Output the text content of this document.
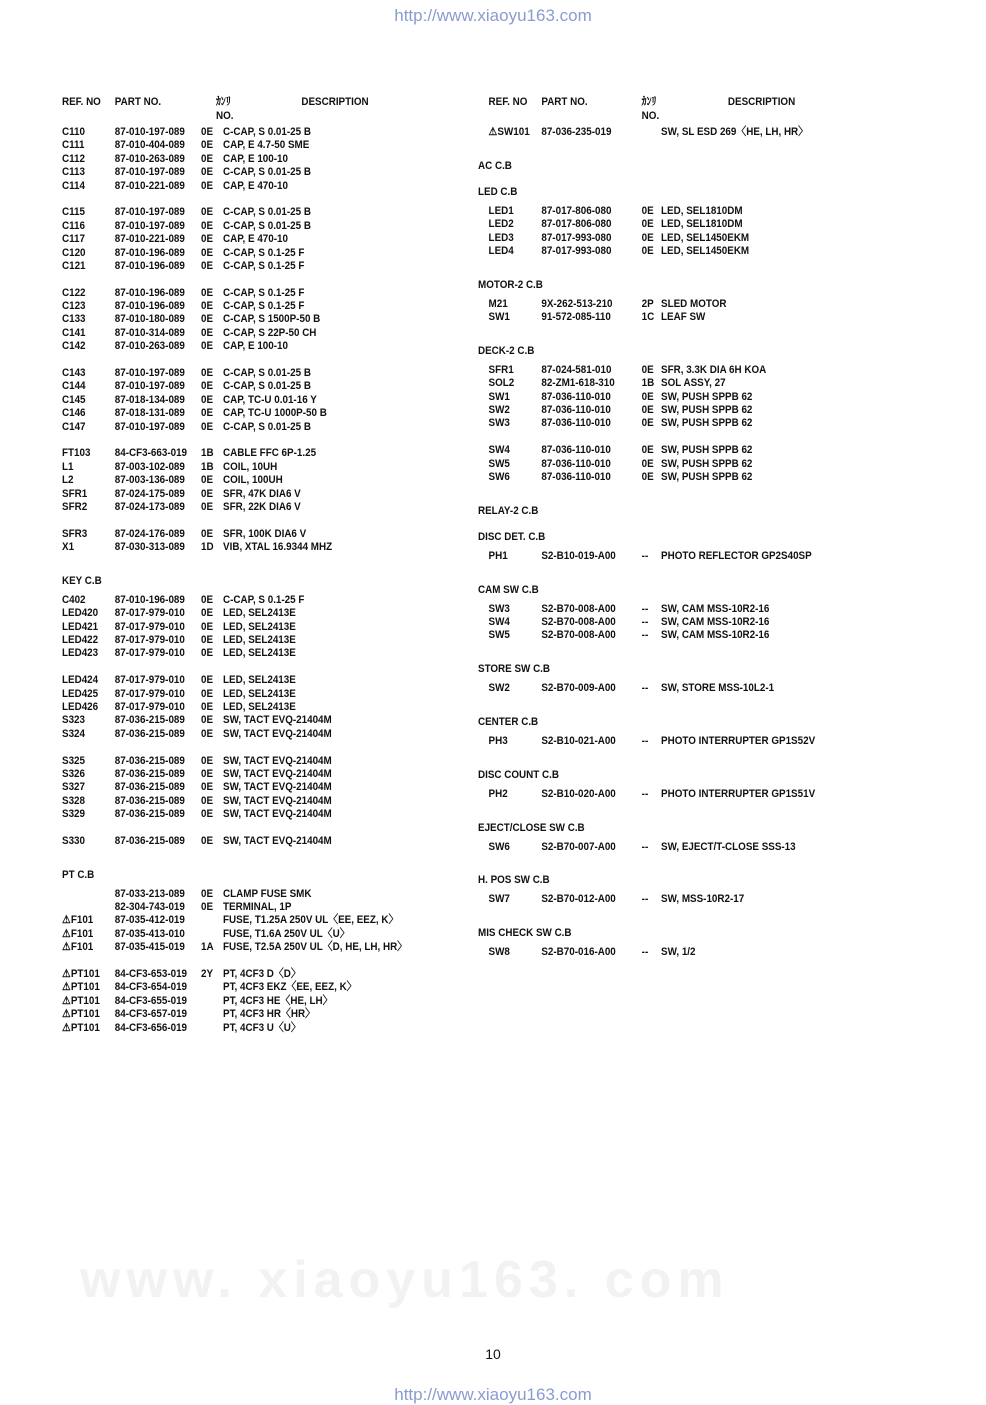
http://www.xiaoyu163.com
www. xiaoyu163. com
REF. NO PART NO.	ｶﾝﾘ
NO.
DESCRIPTION
C110	87-010-197-089 0E C-CAP, S 0.01-25 B
C111	87-010-404-089 0E CAP, E 4.7-50 SME
C112	87-010-263-089 0E CAP, E 100-10
C113	87-010-197-089 0E C-CAP, S 0.01-25 B
C114	87-010-221-089 0E CAP, E 470-10
C115	87-010-197-089 0E C-CAP, S 0.01-25 B
C116	87-010-197-089 0E C-CAP, S 0.01-25 B
C117	87-010-221-089 0E CAP, E 470-10
C120	87-010-196-089 0E C-CAP, S 0.1-25 F
C121	87-010-196-089 0E C-CAP, S 0.1-25 F
C122	87-010-196-089 0E C-CAP, S 0.1-25 F
C123	87-010-196-089 0E C-CAP, S 0.1-25 F
C133	87-010-180-089 0E C-CAP, S 1500P-50 B
C141	87-010-314-089 0E C-CAP, S 22P-50 CH
C142	87-010-263-089 0E CAP, E 100-10
C143	87-010-197-089 0E C-CAP, S 0.01-25 B
C144	87-010-197-089 0E C-CAP, S 0.01-25 B
C145	87-018-134-089 0E CAP, TC-U 0.01-16 Y
C146	87-018-131-089 0E CAP, TC-U 1000P-50 B
C147	87-010-197-089 0E C-CAP, S 0.01-25 B
FT103 84-CF3-663-019 1B CABLE FFC 6P-1.25
L1	87-003-102-089 1B COIL, 10UH
L2	87-003-136-089 0E COIL, 100UH
SFR1 87-024-175-089 0E SFR, 47K DIA6 V
SFR2 87-024-173-089 0E SFR, 22K DIA6 V
SFR3 87-024-176-089 0E SFR, 100K DIA6 V
X1	87-030-313-089 1D VIB, XTAL 16.9344 MHZ
KEY C.B
C402	87-010-196-089 0E C-CAP, S 0.1-25 F
LED420 87-017-979-010 0E LED, SEL2413E
LED421 87-017-979-010 0E LED, SEL2413E
LED422 87-017-979-010 0E LED, SEL2413E
LED423 87-017-979-010 0E LED, SEL2413E
LED424 87-017-979-010 0E LED, SEL2413E
LED425 87-017-979-010 0E LED, SEL2413E
LED426 87-017-979-010 0E LED, SEL2413E
S323	87-036-215-089 0E SW, TACT EVQ-21404M
S324	87-036-215-089 0E SW, TACT EVQ-21404M
S325	87-036-215-089 0E SW, TACT EVQ-21404M
S326	87-036-215-089 0E SW, TACT EVQ-21404M
S327	87-036-215-089 0E SW, TACT EVQ-21404M
S328	87-036-215-089 0E SW, TACT EVQ-21404M
S329	87-036-215-089 0E SW, TACT EVQ-21404M
S330	87-036-215-089 0E SW, TACT EVQ-21404M
PT C.B
87-033-213-089 0E CLAMP FUSE SMK
82-304-743-019 0E TERMINAL, 1P
⚠F101 87-035-412-019	FUSE, T1.25A 250V UL〈EE, EEZ, K〉
⚠F101 87-035-413-010	FUSE, T1.6A 250V UL〈U〉
⚠F101 87-035-415-019 1A FUSE, T2.5A 250V UL〈D, HE, LH, HR〉
⚠PT101 84-CF3-653-019 2Y PT, 4CF3 D〈D〉
⚠PT101 84-CF3-654-019	PT, 4CF3 EKZ〈EE, EEZ, K〉
⚠PT101 84-CF3-655-019	PT, 4CF3 HE〈HE, LH〉
⚠PT101 84-CF3-657-019	PT, 4CF3 HR〈HR〉
⚠PT101 84-CF3-656-019	PT, 4CF3 U〈U〉
REF. NO PART NO.	ｶﾝﾘ
NO.
DESCRIPTION
⚠SW101 87-036-235-019	SW, SL ESD 269〈HE, LH, HR〉
AC C.B
LED C.B
LED1 87-017-806-080	0E LED, SEL1810DM
LED2 87-017-806-080	0E LED, SEL1810DM
LED3 87-017-993-080	0E LED, SEL1450EKM
LED4 87-017-993-080	0E LED, SEL1450EKM
MOTOR-2 C.B
M21	9X-262-513-210	2P SLED MOTOR
SW1	91-572-085-110	1C LEAF SW
DECK-2 C.B
SFR1 87-024-581-010	0E SFR, 3.3K DIA 6H KOA
SOL2 82-ZM1-618-310 1B SOL ASSY, 27
SW1	87-036-110-010	0E SW, PUSH SPPB 62
SW2	87-036-110-010	0E SW, PUSH SPPB 62
SW3	87-036-110-010	0E SW, PUSH SPPB 62
SW4	87-036-110-010	0E SW, PUSH SPPB 62
SW5	87-036-110-010	0E SW, PUSH SPPB 62
SW6	87-036-110-010	0E SW, PUSH SPPB 62
RELAY-2 C.B
DISC DET. C.B
PH1	S2-B10-019-A00 -- PHOTO REFLECTOR GP2S40SP
CAM SW C.B
SW3	S2-B70-008-A00 -- SW, CAM MSS-10R2-16
SW4	S2-B70-008-A00 -- SW, CAM MSS-10R2-16
SW5	S2-B70-008-A00 -- SW, CAM MSS-10R2-16
STORE SW C.B
SW2	S2-B70-009-A00 -- SW, STORE MSS-10L2-1
CENTER C.B
PH3	S2-B10-021-A00 -- PHOTO INTERRUPTER GP1S52V
DISC COUNT C.B
PH2	S2-B10-020-A00 -- PHOTO INTERRUPTER GP1S51V
EJECT/CLOSE SW C.B
SW6	S2-B70-007-A00 -- SW, EJECT/T-CLOSE SSS-13
H. POS SW C.B
SW7	S2-B70-012-A00 -- SW, MSS-10R2-17
MIS CHECK SW C.B
SW8	S2-B70-016-A00 -- SW, 1/2
10
http://www.xiaoyu163.com
